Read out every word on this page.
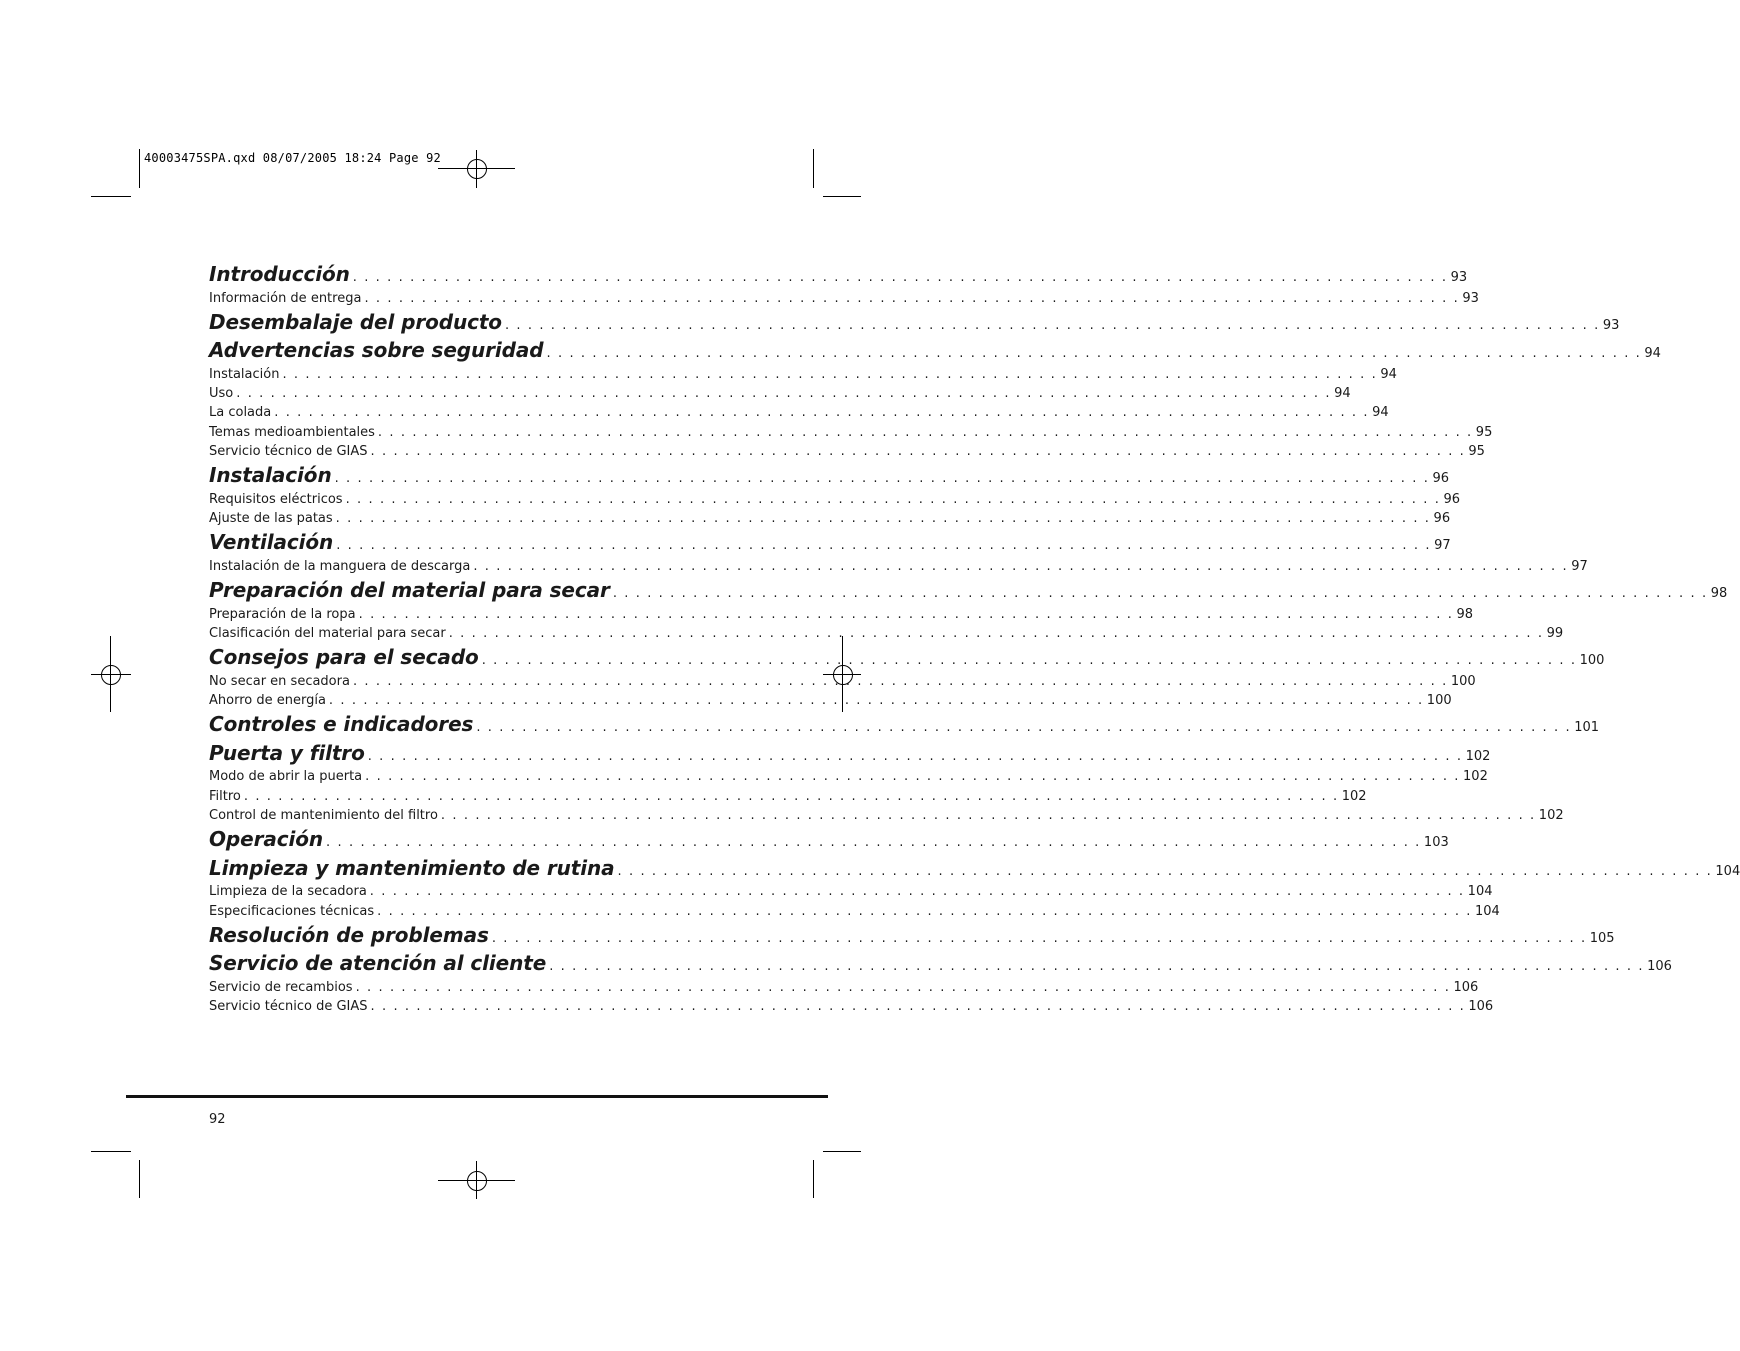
40003475SPA.qxd 08/07/2005 18:24 Page 92
Introducción . . . . . . . . . . . . . . . . . . . . . . . . . . . . . . . . . . . . . . . . . . . . . . . . . . . . . . . . . . . . . . . . . . . . . . . . . . . . . . . . . . . . . . . . . . . . . . . . 93
Información de entrega . . . . . . . . . . . . . . . . . . . . . . . . . . . . . . . . . . . . . . . . . . . . . . . . . . . . . . . . . . . . . . . . . . . . . . . . . . . . . . . . . . . . . . . . . . . . . . . . 93
Desembalaje del producto . . . . . . . . . . . . . . . . . . . . . . . . . . . . . . . . . . . . . . . . . . . . . . . . . . . . . . . . . . . . . . . . . . . . . . . . . . . . . . . . . . . . . . . . . . . . . . . . 93
Advertencias sobre seguridad . . . . . . . . . . . . . . . . . . . . . . . . . . . . . . . . . . . . . . . . . . . . . . . . . . . . . . . . . . . . . . . . . . . . . . . . . . . . . . . . . . . . . . . . . . . . . . . . 94
Instalación . . . . . . . . . . . . . . . . . . . . . . . . . . . . . . . . . . . . . . . . . . . . . . . . . . . . . . . . . . . . . . . . . . . . . . . . . . . . . . . . . . . . . . . . . . . . . . . . 94
Uso . . . . . . . . . . . . . . . . . . . . . . . . . . . . . . . . . . . . . . . . . . . . . . . . . . . . . . . . . . . . . . . . . . . . . . . . . . . . . . . . . . . . . . . . . . . . . . . . 94
La colada . . . . . . . . . . . . . . . . . . . . . . . . . . . . . . . . . . . . . . . . . . . . . . . . . . . . . . . . . . . . . . . . . . . . . . . . . . . . . . . . . . . . . . . . . . . . . . . . 94
Temas medioambientales . . . . . . . . . . . . . . . . . . . . . . . . . . . . . . . . . . . . . . . . . . . . . . . . . . . . . . . . . . . . . . . . . . . . . . . . . . . . . . . . . . . . . . . . . . . . . . . . 95
Servicio técnico de GIAS . . . . . . . . . . . . . . . . . . . . . . . . . . . . . . . . . . . . . . . . . . . . . . . . . . . . . . . . . . . . . . . . . . . . . . . . . . . . . . . . . . . . . . . . . . . . . . . . 95
Instalación . . . . . . . . . . . . . . . . . . . . . . . . . . . . . . . . . . . . . . . . . . . . . . . . . . . . . . . . . . . . . . . . . . . . . . . . . . . . . . . . . . . . . . . . . . . . . . . . 96
Requisitos eléctricos . . . . . . . . . . . . . . . . . . . . . . . . . . . . . . . . . . . . . . . . . . . . . . . . . . . . . . . . . . . . . . . . . . . . . . . . . . . . . . . . . . . . . . . . . . . . . . . . 96
Ajuste de las patas . . . . . . . . . . . . . . . . . . . . . . . . . . . . . . . . . . . . . . . . . . . . . . . . . . . . . . . . . . . . . . . . . . . . . . . . . . . . . . . . . . . . . . . . . . . . . . . . 96
Ventilación . . . . . . . . . . . . . . . . . . . . . . . . . . . . . . . . . . . . . . . . . . . . . . . . . . . . . . . . . . . . . . . . . . . . . . . . . . . . . . . . . . . . . . . . . . . . . . . . 97
Instalación de la manguera de descarga . . . . . . . . . . . . . . . . . . . . . . . . . . . . . . . . . . . . . . . . . . . . . . . . . . . . . . . . . . . . . . . . . . . . . . . . . . . . . . . . . . . . . . . . . . . . . . . . 97
Preparación del material para secar . . . . . . . . . . . . . . . . . . . . . . . . . . . . . . . . . . . . . . . . . . . . . . . . . . . . . . . . . . . . . . . . . . . . . . . . . . . . . . . . . . . . . . . . . . . . . . . . 98
Preparación de la ropa . . . . . . . . . . . . . . . . . . . . . . . . . . . . . . . . . . . . . . . . . . . . . . . . . . . . . . . . . . . . . . . . . . . . . . . . . . . . . . . . . . . . . . . . . . . . . . . . 98
Clasificación del material para secar . . . . . . . . . . . . . . . . . . . . . . . . . . . . . . . . . . . . . . . . . . . . . . . . . . . . . . . . . . . . . . . . . . . . . . . . . . . . . . . . . . . . . . . . . . . . . . . . 99
Consejos para el secado . . . . . . . . . . . . . . . . . . . . . . . . . . . . . . . . . . . . . . . . . . . . . . . . . . . . . . . . . . . . . . . . . . . . . . . . . . . . . . . . . . . . . . . . . . . . . . . . 100
No secar en secadora . . . . . . . . . . . . . . . . . . . . . . . . . . . . . . . . . . . . . . . . . . . . . . . . . . . . . . . . . . . . . . . . . . . . . . . . . . . . . . . . . . . . . . . . . . . . . . . . 100
Ahorro de energía . . . . . . . . . . . . . . . . . . . . . . . . . . . . . . . . . . . . . . . . . . . . . . . . . . . . . . . . . . . . . . . . . . . . . . . . . . . . . . . . . . . . . . . . . . . . . . . . 100
Controles e indicadores . . . . . . . . . . . . . . . . . . . . . . . . . . . . . . . . . . . . . . . . . . . . . . . . . . . . . . . . . . . . . . . . . . . . . . . . . . . . . . . . . . . . . . . . . . . . . . . . 101
Puerta y filtro . . . . . . . . . . . . . . . . . . . . . . . . . . . . . . . . . . . . . . . . . . . . . . . . . . . . . . . . . . . . . . . . . . . . . . . . . . . . . . . . . . . . . . . . . . . . . . . . 102
Modo de abrir la puerta . . . . . . . . . . . . . . . . . . . . . . . . . . . . . . . . . . . . . . . . . . . . . . . . . . . . . . . . . . . . . . . . . . . . . . . . . . . . . . . . . . . . . . . . . . . . . . . . 102
Filtro . . . . . . . . . . . . . . . . . . . . . . . . . . . . . . . . . . . . . . . . . . . . . . . . . . . . . . . . . . . . . . . . . . . . . . . . . . . . . . . . . . . . . . . . . . . . . . . . 102
Control de mantenimiento del filtro . . . . . . . . . . . . . . . . . . . . . . . . . . . . . . . . . . . . . . . . . . . . . . . . . . . . . . . . . . . . . . . . . . . . . . . . . . . . . . . . . . . . . . . . . . . . . . . . 102
Operación . . . . . . . . . . . . . . . . . . . . . . . . . . . . . . . . . . . . . . . . . . . . . . . . . . . . . . . . . . . . . . . . . . . . . . . . . . . . . . . . . . . . . . . . . . . . . . . . 103
Limpieza y mantenimiento de rutina . . . . . . . . . . . . . . . . . . . . . . . . . . . . . . . . . . . . . . . . . . . . . . . . . . . . . . . . . . . . . . . . . . . . . . . . . . . . . . . . . . . . . . . . . . . . . . . . 104
Limpieza de la secadora . . . . . . . . . . . . . . . . . . . . . . . . . . . . . . . . . . . . . . . . . . . . . . . . . . . . . . . . . . . . . . . . . . . . . . . . . . . . . . . . . . . . . . . . . . . . . . . . 104
Especificaciones técnicas . . . . . . . . . . . . . . . . . . . . . . . . . . . . . . . . . . . . . . . . . . . . . . . . . . . . . . . . . . . . . . . . . . . . . . . . . . . . . . . . . . . . . . . . . . . . . . . . 104
Resolución de problemas . . . . . . . . . . . . . . . . . . . . . . . . . . . . . . . . . . . . . . . . . . . . . . . . . . . . . . . . . . . . . . . . . . . . . . . . . . . . . . . . . . . . . . . . . . . . . . . . 105
Servicio de atención al cliente . . . . . . . . . . . . . . . . . . . . . . . . . . . . . . . . . . . . . . . . . . . . . . . . . . . . . . . . . . . . . . . . . . . . . . . . . . . . . . . . . . . . . . . . . . . . . . . . 106
Servicio de recambios . . . . . . . . . . . . . . . . . . . . . . . . . . . . . . . . . . . . . . . . . . . . . . . . . . . . . . . . . . . . . . . . . . . . . . . . . . . . . . . . . . . . . . . . . . . . . . . . 106
Servicio técnico de GIAS . . . . . . . . . . . . . . . . . . . . . . . . . . . . . . . . . . . . . . . . . . . . . . . . . . . . . . . . . . . . . . . . . . . . . . . . . . . . . . . . . . . . . . . . . . . . . . . . 106
92
